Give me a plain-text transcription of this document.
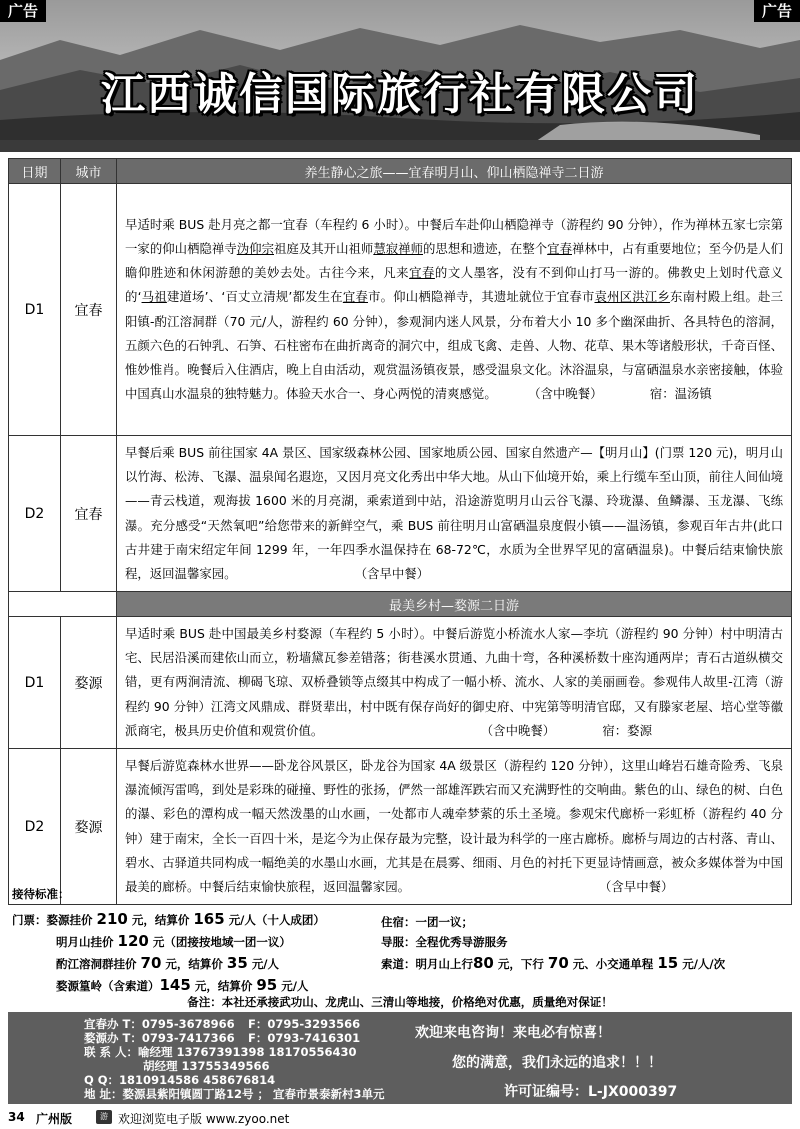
江西诚信国际旅行社有限公司
广告	广告
日期	城市	养生静心之旅——宜春明月山、仰山栖隐禅寺二日游
D1	宜春	早适时乘 BUS 赴月亮之都一宜春（车程约 6 小时）。中餐后车赴仰山栖隐禅寺（游程约 90 分钟），作为禅林五家七宗第一家的仰山栖隐禅寺沩仰宗祖庭及其开山祖师慧寂禅师的思想和遗迹，在整个宜春禅林中，占有重要地位；至今仍是人们瞻仰胜迹和休闲游憩的美妙去处。古往今来，凡来宜春的文人墨客，没有不到仰山打马一游的。佛教史上划时代意义的‘马祖建道场’、‘百丈立清规’都发生在宜春市。仰山栖隐禅寺，其遗址就位于宜春市袁州区洪江乡东南村殿上组。赴三阳镇-酌江溶洞群（70 元/人，游程约 60 分钟），参观洞内迷人风景，分布着大小 10 多个幽深曲折、各具特色的溶洞，五颜六色的石钟乳、石笋、石柱密布在曲折离奇的洞穴中，组成飞禽、走兽、人物、花草、果木等诸般形状，千奇百怪、惟妙惟肖。晚餐后入住酒店，晚上自由活动，观赏温汤镇夜景，感受温泉文化。沐浴温泉，与富硒温泉水亲密接触，体验中国真山水温泉的独特魅力。体验天水合一、身心两悦的清爽感觉。 （含中晚餐） 宿：温汤镇
D2	宜春	早餐后乘 BUS 前往国家 4A 景区、国家级森林公园、国家地质公园、国家自然遗产—【明月山】(门票 120 元)，明月山以竹海、松涛、飞瀑、温泉闻名遐迩，又因月亮文化秀出中华大地。从山下仙境开始，乘上行缆车至山顶，前往人间仙境——青云栈道，观海拔 1600 米的月亮湖，乘索道到中站，沿途游览明月山云谷飞瀑、玲珑瀑、鱼鳞瀑、玉龙瀑、飞练瀑。充分感受“天然氧吧”给您带来的新鲜空气，乘 BUS 前往明月山富硒温泉度假小镇——温汤镇，参观百年古井(此口古井建于南宋绍定年间 1299 年，一年四季水温保持在 68-72℃，水质为全世界罕见的富硒温泉)。中餐后结束愉快旅程，返回温馨家园。 （含早中餐）
		最美乡村—婺源二日游
D1	婺源	早适时乘 BUS 赴中国最美乡村婺源（车程约 5 小时）。中餐后游览小桥流水人家—李坑（游程约 90 分钟）村中明清古宅、民居沿溪而建依山而立，粉墙黛瓦参差错落；街巷溪水贯通、九曲十弯，各种溪桥数十座沟通两岸；青石古道纵横交错，更有两涧清流、柳碣飞琼、双桥叠锁等点缀其中构成了一幅小桥、流水、人家的美丽画卷。参观伟人故里-江湾（游程约 90 分钟）江湾文风鼎成、群贤辈出，村中既有保存尚好的御史府、中宪第等明清官邸，又有滕家老屋、培心堂等徽派商宅，极具历史价值和观赏价值。 （含中晚餐） 宿：婺源
D2	婺源	早餐后游览森林水世界——卧龙谷风景区，卧龙谷为国家 4A 级景区（游程约 120 分钟），这里山峰岩石雄奇险秀、飞泉瀑流倾泻雷鸣，到处是彩珠的碰撞、野性的张扬，俨然一部雄浑跌宕而又充满野性的交响曲。紫色的山、绿色的树、白色的瀑、彩色的潭构成一幅天然泼墨的山水画，一处都市人魂牵梦萦的乐土圣境。参观宋代廊桥一彩虹桥（游程约 40 分钟）建于南宋，全长一百四十米，是迄今为止保存最为完整，设计最为科学的一座古廊桥。廊桥与周边的古村落、青山、碧水、古驿道共同构成一幅绝美的水墨山水画，尤其是在晨雾、细雨、月色的衬托下更显诗情画意，被众多媒体誉为中国最美的廊桥。中餐后结束愉快旅程，返回温馨家园。 （含早中餐）
接待标准：
门票：婺源挂价 210 元，结算价 165 元/人（十人成团）
明月山挂价 120 元（团接按地域一团一议）
酌江溶洞群挂价 70 元，结算价 35 元/人
婺源篁岭（含索道）145 元，结算价 95 元/人
住宿：一团一议；
导服：全程优秀导游服务
索道：明月山上行80 元，下行 70 元、小交通单程 15 元/人/次
备注：本社还承接武功山、龙虎山、三清山等地接，价格绝对优惠，质量绝对保证！
宜春办 T：0795-3678966 F：0795-3293566
婺源办 T：0793-7417366 F：0793-7416301
联 系 人：喻经理 13767391398 18170556430
胡经理 13755349566
Q Q：1810914586 458676814
地 址：婺源县紫阳镇圆丁路12号 ； 宜春市景泰新村3单元
欢迎来电咨询！来电必有惊喜！
您的满意，我们永远的追求！！！
许可证编号：L-JX000397
34 广州版	游 欢迎浏览电子版 www.zyoo.net
